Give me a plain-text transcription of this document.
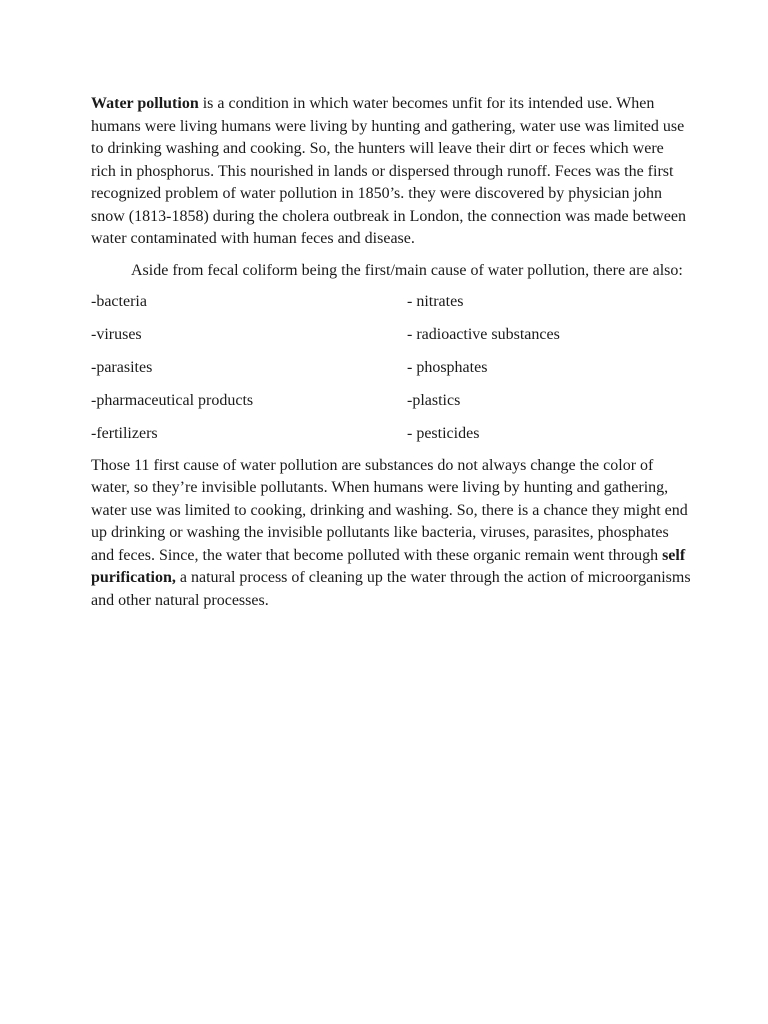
Water pollution is a condition in which water becomes unfit for its intended use. When humans were living humans were living by hunting and gathering, water use was limited use to drinking washing and cooking. So, the hunters will leave their dirt or feces which were rich in phosphorus. This nourished in lands or dispersed through runoff. Feces was the first recognized problem of water pollution in 1850’s. they were discovered by physician john snow (1813-1858) during the cholera outbreak in London, the connection was made between water contaminated with human feces and disease.

Aside from fecal coliform being the first/main cause of water pollution, there are also:

-bacteria	- nitrates
-viruses	- radioactive substances
-parasites	- phosphates
-pharmaceutical products	-plastics
-fertilizers	- pesticides

Those 11 first cause of water pollution are substances do not always change the color of water, so they’re invisible pollutants. When humans were living by hunting and gathering, water use was limited to cooking, drinking and washing. So, there is a chance they might end up drinking or washing the invisible pollutants like bacteria, viruses, parasites, phosphates and feces. Since, the water that become polluted with these organic remain went through self purification, a natural process of cleaning up the water through the action of microorganisms and other natural processes.
